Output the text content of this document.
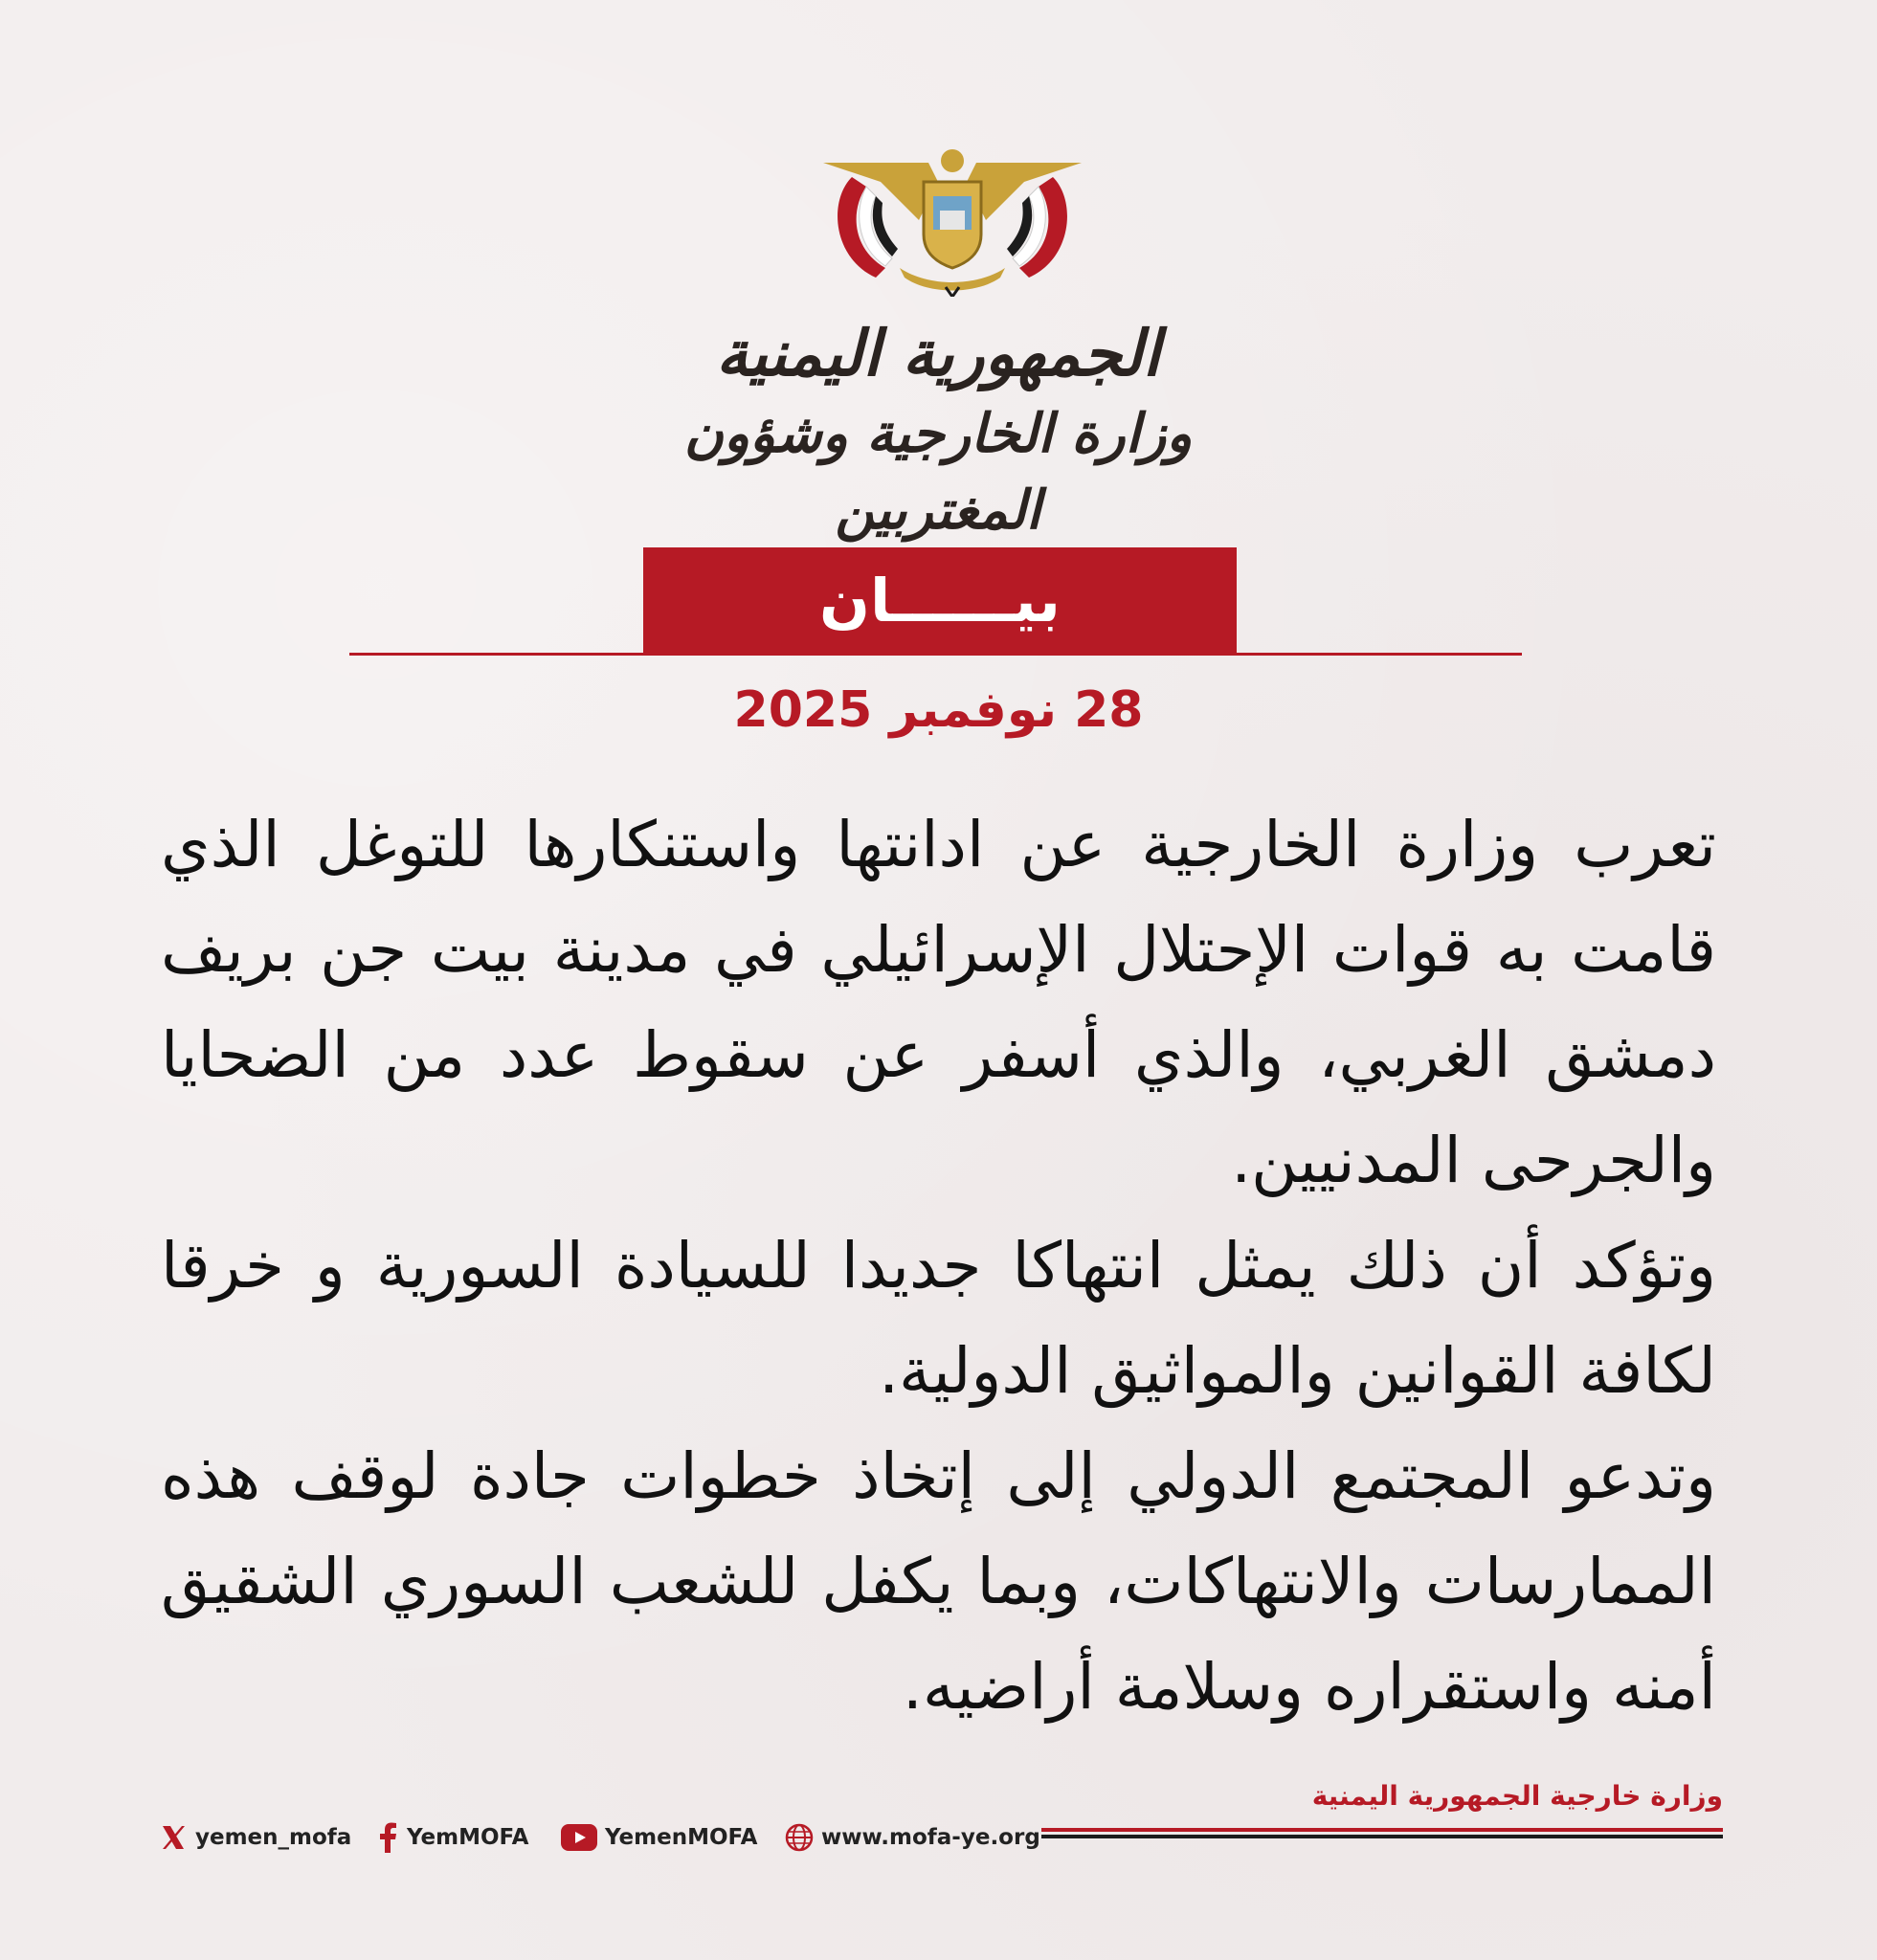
الجمهورية اليمنية
وزارة الخارجية وشؤون المغتربين
بيــــــان
28 نوفمبر 2025

تعرب وزارة الخارجية عن ادانتها واستنكارها للتوغل الذي قامت به قوات الإحتلال الإسرائيلي في مدينة بيت جن بريف دمشق الغربي، والذي أسفر عن سقوط عدد من الضحايا والجرحى المدنيين.

وتؤكد أن ذلك يمثل انتهاكا جديدا للسيادة السورية و خرقا لكافة القوانين والمواثيق الدولية.

وتدعو المجتمع الدولي إلى إتخاذ خطوات جادة لوقف هذه الممارسات والانتهاكات، وبما يكفل للشعب السوري الشقيق أمنه واستقراره وسلامة أراضيه.

yemen_mofa	YemMOFA	YemenMOFA	www.mofa-ye.org
وزارة خارجية الجمهورية اليمنية
